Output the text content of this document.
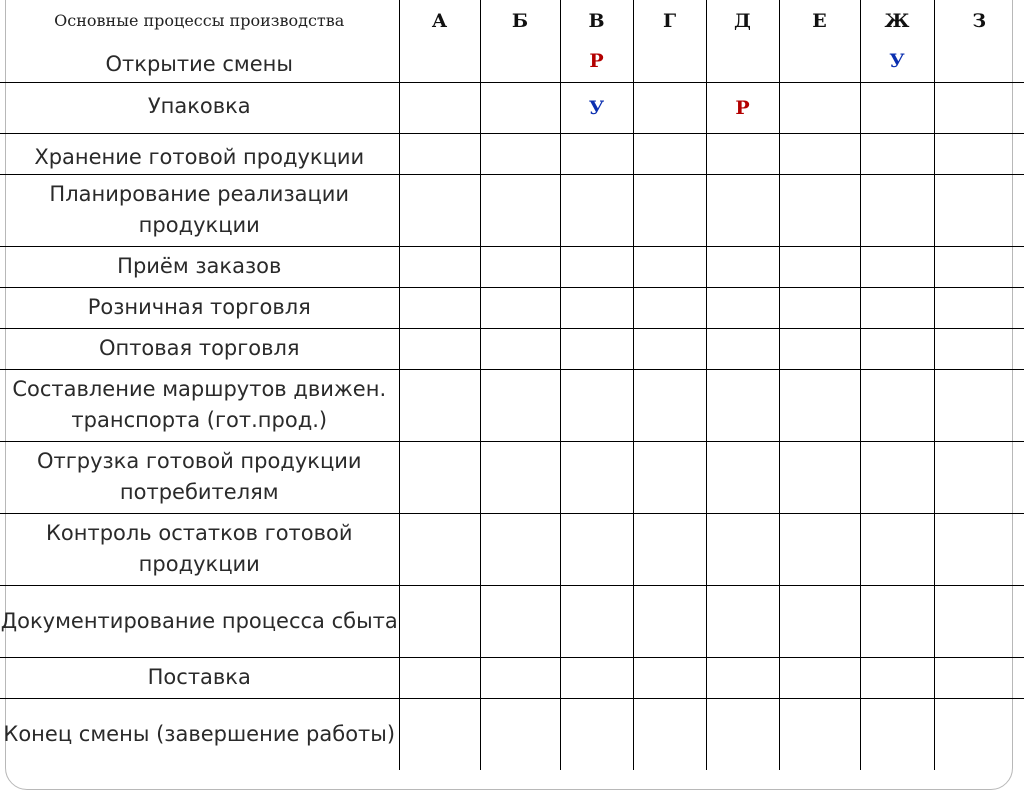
Основные процессы производства	А	Б	В	Г	Д	Е	Ж	З
Открытие смены			Р				У	
Упаковка			У		Р			
Хранение готовой продукции								
Планирование реализации продукции								
Приём заказов								
Розничная торговля								
Оптовая торговля								
Составление маршрутов движен. транспорта (гот.прод.)								
Отгрузка готовой продукции потребителям								
Контроль остатков готовой продукции								
Документирование процесса сбыта								
Поставка								
Конец смены (завершение работы)								
